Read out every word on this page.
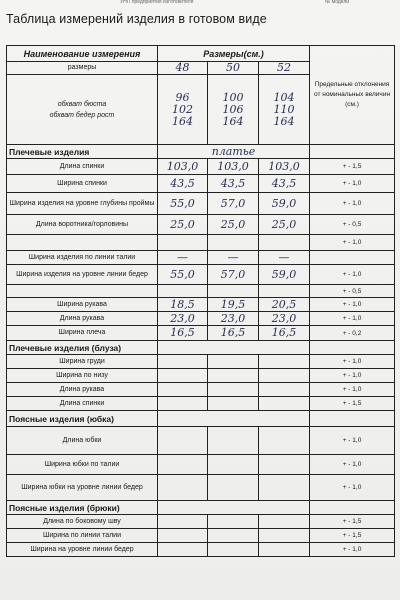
УНП предприятия изготовителя	№ модели
Таблица измерений изделия в готовом виде
Наименование измерения	Размеры(см.)			Предельные отклонения от номинальных величин (см.)
размеры	48	50	52	
обхват бюста обхват бедер рост	96 102 164	100 106 164	104 110 164	
Плечевые изделия	платье			
Длина спинки	103,0	103,0	103,0	+ - 1,5
Ширина спинки	43,5	43,5	43,5	+ - 1,0
Ширина изделия на уровне глубины проймы	55,0	57,0	59,0	+ - 1,0
Длина воротника/горловины	25,0	25,0	25,0	+ - 0,5
				+ - 1,0
Ширина изделия по линии талии	—	—	—	
Ширина изделия на уровне линии бедер	55,0	57,0	59,0	+ - 1,0
				+ - 0,5
Ширина рукава	18,5	19,5	20,5	+ - 1,0
Длина рукава	23,0	23,0	23,0	+ - 1,0
Ширина плеча	16,5	16,5	16,5	+ - 0,2
Плечевые изделия (блуза)				
Ширина груди				+ - 1,0
Ширина по низу				+ - 1,0
Длина рукава				+ - 1,0
Длина спинки				+ - 1,5
Поясные изделия (юбка)				
Длина юбки				+ - 1,0
Ширина юбки по талии				+ - 1,0
Ширина юбки на уровне линии бедер				+ - 1,0
Поясные изделия (брюки)				
Длина по боковому шву				+ - 1,5
Ширина по линии талии				+ - 1,5
Ширина на уровне линии бедер				+ - 1,0
